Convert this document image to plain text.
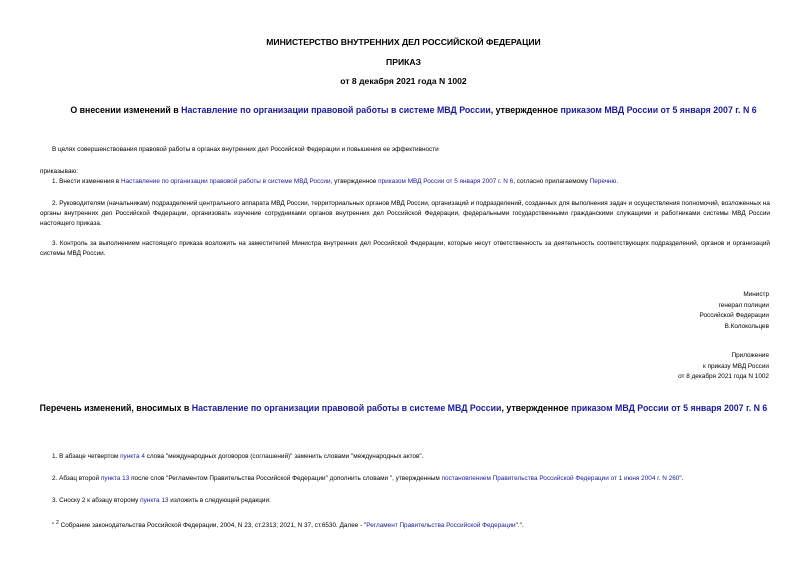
МИНИСТЕРСТВО ВНУТРЕННИХ ДЕЛ РОССИЙСКОЙ ФЕДЕРАЦИИ

ПРИКАЗ

от 8 декабря 2021 года N 1002

О внесении изменений в Наставление по организации правовой работы в системе МВД России, утвержденное приказом МВД России от 5 января 2007 г. N 6

В целях совершенствования правовой работы в органах внутренних дел Российской Федерации и повышения ее эффективности

приказываю:

1. Внести изменения в Наставление по организации правовой работы в системе МВД России, утвержденное приказом МВД России от 5 января 2007 г. N 6, согласно прилагаемому Перечню.

2. Руководителям (начальникам) подразделений центрального аппарата МВД России, территориальных органов МВД России, организаций и подразделений, созданных для выполнения задач и осуществления полномочий, возложенных на органы внутренних дел Российской Федерации, организовать изучение сотрудниками органов внутренних дел Российской Федерации, федеральными государственными гражданскими служащими и работниками системы МВД России настоящего приказа.

3. Контроль за выполнением настоящего приказа возложить на заместителей Министра внутренних дел Российской Федерации, которые несут ответственность за деятельность соответствующих подразделений, органов и организаций системы МВД России.

Министр
генерал полиции
Российской Федерации
В.Колокольцев
Приложение
к приказу МВД России
от 8 декабря 2021 года N 1002

Перечень изменений, вносимых в Наставление по организации правовой работы в системе МВД России, утвержденное приказом МВД России от 5 января 2007 г. N 6

1. В абзаце четвертом пункта 4 слова "международных договоров (соглашений)" заменить словами "международных актов".

2. Абзац второй пункта 13 после слов "Регламентом Правительства Российской Федерации" дополнить словами ", утвержденным постановлением Правительства Российской Федерации от 1 июня 2004 г. N 260".

3. Сноску 2 к абзацу второму пункта 13 изложить в следующей редакции:

" $^2$ Собрание законодательства Российской Федерации, 2004, N 23, ст.2313; 2021, N 37, ст.6530. Далее - "Регламент Правительства Российской Федерации".".
